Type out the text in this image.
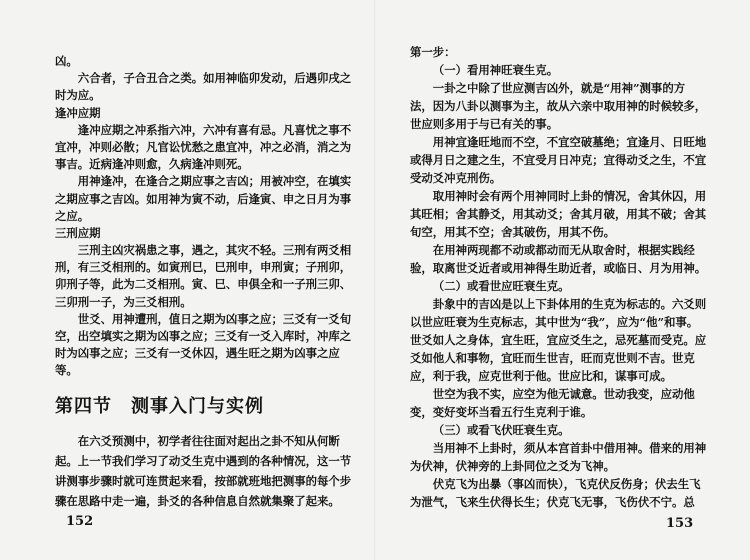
凶。
六合者，子合丑合之类。如用神临卯发动，后遇卯戌之
时为应。
逢冲应期
逢冲应期之冲系指六冲，六冲有喜有忌。凡喜忧之事不
宜冲，冲则必散；凡官讼忧愁之患宜冲，冲之必消，消之为
事吉。近病逢冲则愈，久病逢冲则死。
用神逢冲，在逢合之期应事之吉凶；用被冲空，在填实
之期应事之吉凶。如用神为寅不动，后逢寅、申之日月为事
之应。
三刑应期
三刑主凶灾祸患之事，遇之，其灾不轻。三刑有两爻相
刑，有三爻相刑的。如寅刑巳，巳刑申，申刑寅；子刑卯，
卯刑子等，此为二爻相刑。寅、巳、申俱全和一子刑三卯、
三卯刑一子，为三爻相刑。
世爻、用神遭刑，值日之期为凶事之应；三爻有一爻旬
空，出空填实之期为凶事之应；三爻有一爻入库时，冲库之
时为凶事之应；三爻有一爻休囚，遇生旺之期为凶事之应
等。
第四节　测事入门与实例
在六爻预测中，初学者往往面对起出之卦不知从何断
起。上一节我们学习了动爻生克中遇到的各种情况，这一节
讲测事步骤时就可连贯起来看，按部就班地把测事的每个步
骤在思路中走一遍，卦爻的各种信息自然就集聚了起来。
152
第一步：
（一）看用神旺衰生克。
一卦之中除了世应测吉凶外，就是“用神”测事的方
法，因为八卦以测事为主，故从六亲中取用神的时候较多，
世应则多用于与已有关的事。
用神宜逢旺地而不空，不宜空破墓绝；宜逢月、日旺地
或得月日之建之生，不宜受月日冲克；宜得动爻之生，不宜
受动爻冲克刑伤。
取用神时会有两个用神同时上卦的情况，舍其休囚，用
其旺相；舍其静爻，用其动爻；舍其月破，用其不破；舍其
旬空，用其不空；舍其破伤，用其不伤。
在用神两现都不动或都动而无从取舍时，根据实践经
验，取离世爻近者或用神得生助近者，或临日、月为用神。
（二）或看世应旺衰生克。
卦象中的吉凶是以上下卦体用的生克为标志的。六爻则
以世应旺衰为生克标志，其中世为“我”，应为“他”和事。
世爻如人之身体，宜生旺，宜应爻生之，忌死墓而受克。应
爻如他人和事物，宜旺而生世吉，旺而克世则不吉。世克
应，利于我，应克世利于他。世应比和，谋事可成。
世空为我不实，应空为他无诚意。世动我变，应动他
变，变好变坏当看五行生克利于谁。
（三）或看飞伏旺衰生克。
当用神不上卦时，须从本宫首卦中借用神。借来的用神
为伏神，伏神旁的上卦同位之爻为飞神。
伏克飞为出暴（事凶而快），飞克伏反伤身；伏去生飞
为泄气，飞来生伏得长生；伏克飞无事，飞伤伏不宁。总
153
